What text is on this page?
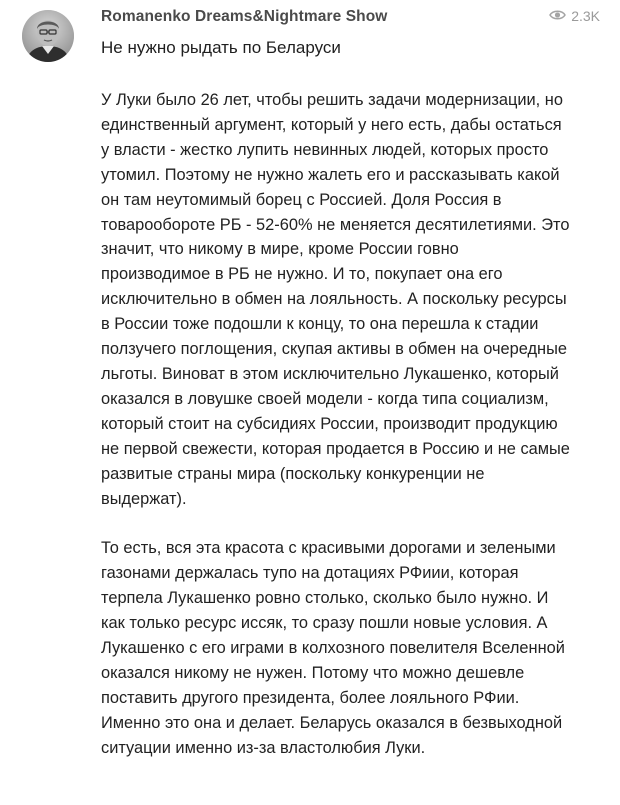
Romanenko Dreams&Nightmare Show	2.3K
Не нужно рыдать по Беларуси

У Луки было 26 лет, чтобы решить задачи модернизации, но
единственный аргумент, который у него есть, дабы остаться
у власти - жестко лупить невинных людей, которых просто
утомил. Поэтому не нужно жалеть его и рассказывать какой
он там неутомимый борец с Россией. Доля Россия в
товарообороте РБ - 52-60% не меняется десятилетиями. Это
значит, что никому в мире, кроме России говно
производимое в РБ не нужно. И то, покупает она его
исключительно в обмен на лояльность. А поскольку ресурсы
в России тоже подошли к концу, то она перешла к стадии
ползучего поглощения, скупая активы в обмен на очередные
льготы. Виноват в этом исключительно Лукашенко, который
оказался в ловушке своей модели - когда типа социализм,
который стоит на субсидиях России, производит продукцию
не первой свежести, которая продается в Россию и не самые
развитые страны мира (поскольку конкуренции не
выдержат).

То есть, вся эта красота с красивыми дорогами и зелеными
газонами держалась тупо на дотациях РФиии, которая
терпела Лукашенко ровно столько, сколько было нужно. И
как только ресурс иссяк, то сразу пошли новые условия. А
Лукашенко с его играми в колхозного повелителя Вселенной
оказался никому не нужен. Потому что можно дешевле
поставить другого президента, более лояльного РФии.
Именно это она и делает. Беларусь оказался в безвыходной
ситуации именно из-за властолюбия Луки.
